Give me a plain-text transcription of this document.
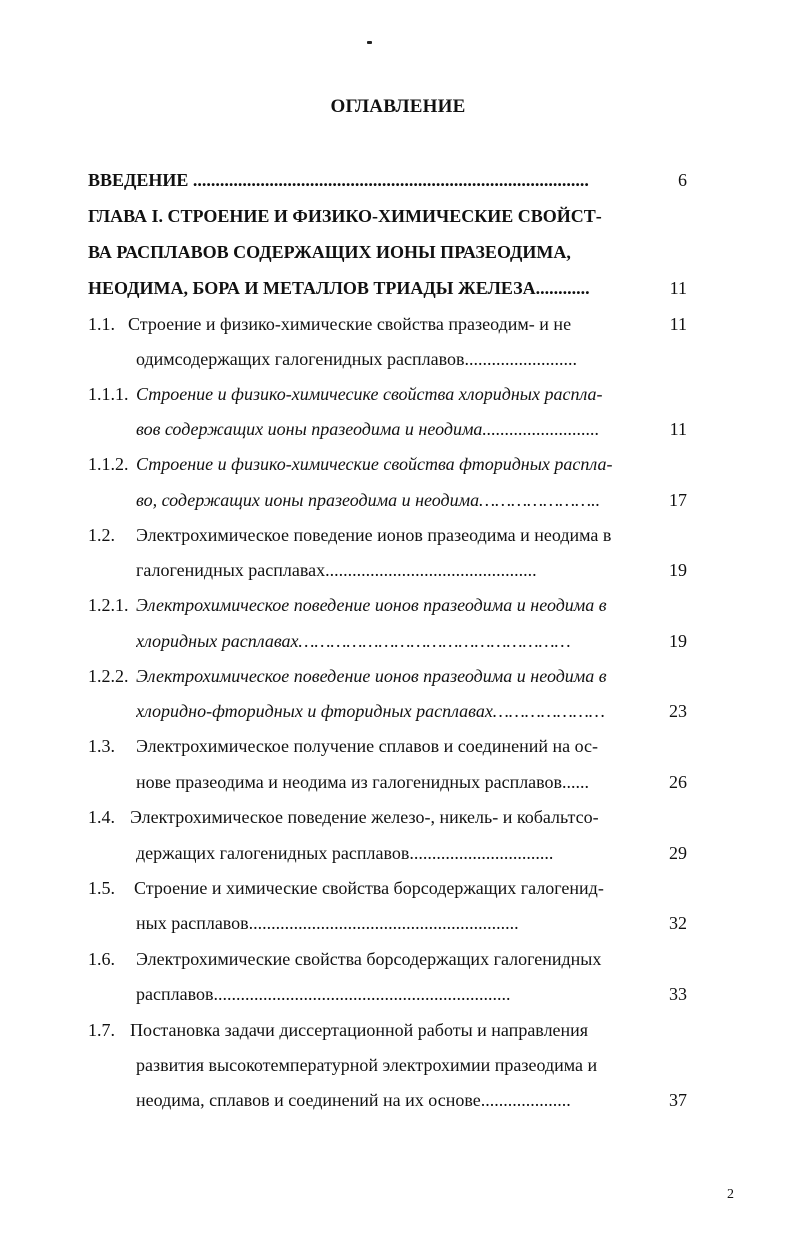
ОГЛАВЛЕНИЕ
ВВЕДЕНИЕ ........................................................................................	6
ГЛАВА I. СТРОЕНИЕ И ФИЗИКО-ХИМИЧЕСКИЕ СВОЙСТ-
ВА РАСПЛАВОВ СОДЕРЖАЩИХ ИОНЫ ПРАЗЕОДИМА,
НЕОДИМА, БОРА И МЕТАЛЛОВ ТРИАДЫ ЖЕЛЕЗА............	11
1.1. Строение и физико-химические свойства празеодим- и не	11
одимсодержащих галогенидных расплавов.........................
1.1.1. Строение и физико-химичесике свойства хлоридных распла-
вов содержащих ионы празеодима и неодима..........................	11
1.1.2. Строение и физико-химические свойства фторидных распла-
во, содержащих ионы празеодима и неодима…………………..	17
1.2. Электрохимическое поведение ионов празеодима и неодима в
галогенидных расплавах...............................................	19
1.2.1. Электрохимическое поведение ионов празеодима и неодима в
хлоридных расплавах……………………………………………	19
1.2.2. Электрохимическое поведение ионов празеодима и неодима в
хлоридно-фторидных и фторидных расплавах…………………	23
1.3. Электрохимическое получение сплавов и соединений на ос-
нове празеодима и неодима из галогенидных расплавов......	26
1.4. Электрохимическое поведение железо-, никель- и кобальтсо-
держащих галогенидных расплавов................................	29
1.5. Строение и химические свойства борсодержащих галогенид-
ных расплавов............................................................	32
1.6. Электрохимические свойства борсодержащих галогенидных
расплавов..................................................................	33
1.7. Постановка задачи диссертационной работы и направления
развития высокотемпературной электрохимии празеодима и
неодима, сплавов и соединений на их основе....................	37
2
